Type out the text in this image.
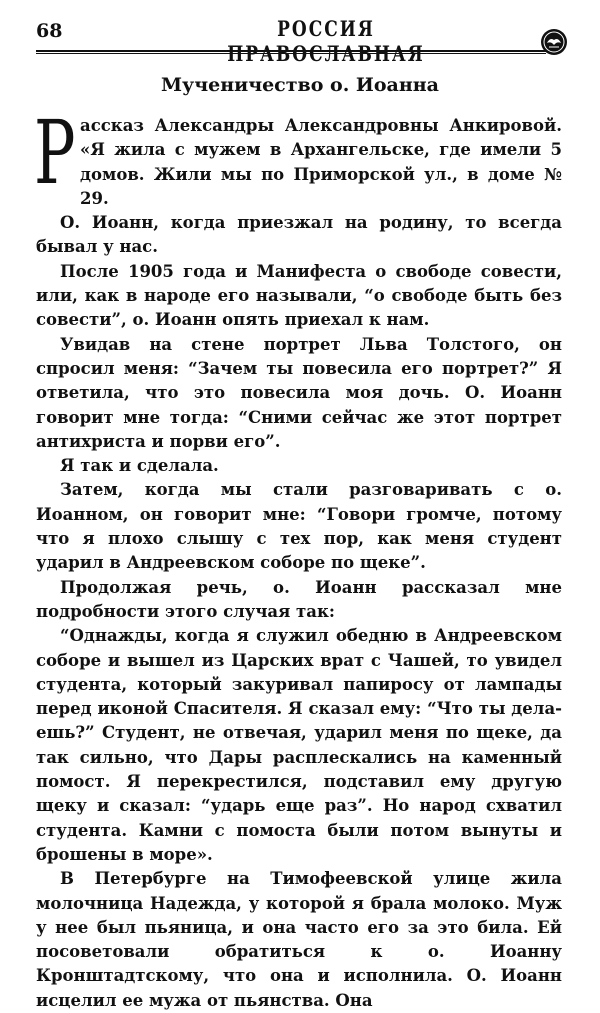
68	РОССИЯ ПРАВОСЛАВНАЯ
Мученичество о. Иоанна

Рассказ Александры Александровны Анкировой. «Я жила с мужем в Архангельске, где имели 5 домов. Жили мы по Приморской ул., в доме № 29.

О. Иоанн, когда приезжал на родину, то всегда бывал у нас.

После 1905 года и Манифеста о свободе совести, или, как в народе его называли, “о свободе быть без совести”, о. Иоанн опять приехал к нам.

Увидав на стене портрет Льва Толстого, он спросил меня: “Зачем ты повесила его портрет?” Я ответила, что это повесила моя дочь. О. Иоанн говорит мне тогда: “Сними сейчас же этот портрет антихриста и порви его”.

Я так и сделала.

Затем, когда мы стали разговаривать с о. Иоанном, он говорит мне: “Говори громче, потому что я плохо слышу с тех пор, как меня студент ударил в Андреевском соборе по щеке”.

Продолжая речь, о. Иоанн рассказал мне подробности этого случая так:

“Однажды, когда я служил обедню в Андреевском соборе и вышел из Царских врат с Чашей, то увидел студента, который закуривал папиросу от лампады перед иконой Спасителя. Я сказал ему: “Что ты делаешь?” Студент, не отвечая, ударил меня по щеке, да так сильно, что Дары расплескались на каменный помост. Я перекрестился, подставил ему другую щеку и сказал: “ударь еще раз”. Но народ схватил студента. Камни с помоста были потом вынуты и брошены в море».

В Петербурге на Тимофеевской улице жила молочница Надежда, у которой я брала молоко. Муж у нее был пьяница, и она часто его за это била. Ей посоветовали обратиться к о. Иоанну Кронштадтскому, что она и исполнила. О. Иоанн исцелил ее мужа от пьянства. Она
